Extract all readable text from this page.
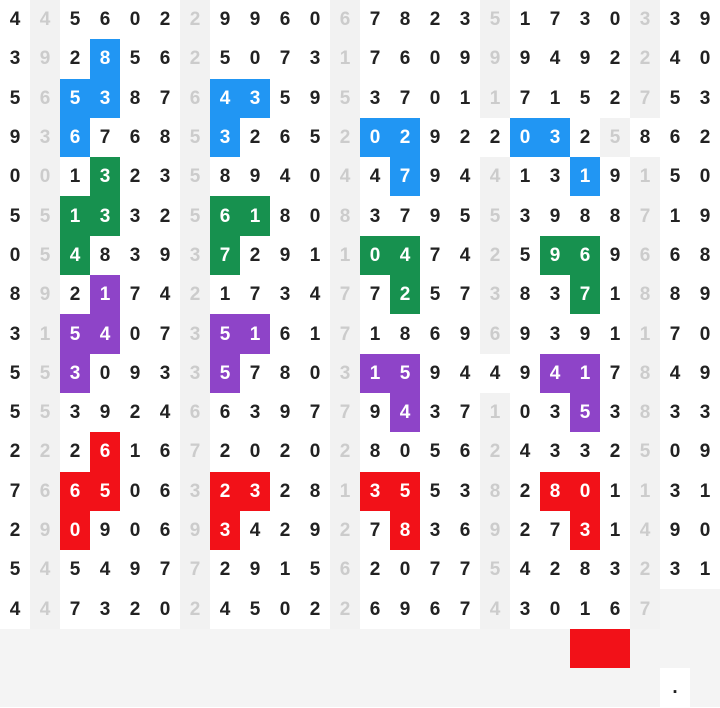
4	4	5	6	0	2	2	9	9	6	0	6	7	8	2	3	5	1	7	3	0	3	3	9
3	9	2	8	5	6	2	5	0	7	3	1	7	6	0	9	9	9	4	9	2	2	4	0
5	6	5	3	8	7	6	4	3	5	9	5	3	7	0	1	1	7	1	5	2	7	5	3
9	3	6	7	6	8	5	3	2	6	5	2	0	2	9	2	2	0	3	2	5	8	6	2
0	0	1	3	2	3	5	8	9	4	0	4	4	7	9	4	4	1	3	1	9	1	5	0
5	5	1	3	3	2	5	6	1	8	0	8	3	7	9	5	5	3	9	8	8	7	1	9
0	5	4	8	3	9	3	7	2	9	1	1	0	4	7	4	2	5	9	6	9	6	6	8
8	9	2	1	7	4	2	1	7	3	4	7	7	2	5	7	3	8	3	7	1	8	8	9
3	1	5	4	0	7	3	5	1	6	1	7	1	8	6	9	6	9	3	9	1	1	7	0
5	5	3	0	9	3	3	5	7	8	0	3	1	5	9	4	4	9	4	1	7	8	4	9
5	5	3	9	2	4	6	6	3	9	7	7	9	4	3	7	1	0	3	5	3	8	3	3
2	2	2	6	1	6	7	2	0	2	0	2	8	0	5	6	2	4	3	3	2	5	0	9
7	6	6	5	0	6	3	2	3	2	8	1	3	5	5	3	8	2	8	0	1	1	3	1
2	9	0	9	0	6	9	3	4	2	9	2	7	8	3	6	9	2	7	3	1	4	9	0
5	4	5	4	9	7	7	2	9	1	5	6	2	0	7	7	5	4	2	8	3	2	3	1
4	4	7	3	2	0	2	4	5	0	2	2	6	9	6	7	4	3	0	1	6	7
.
